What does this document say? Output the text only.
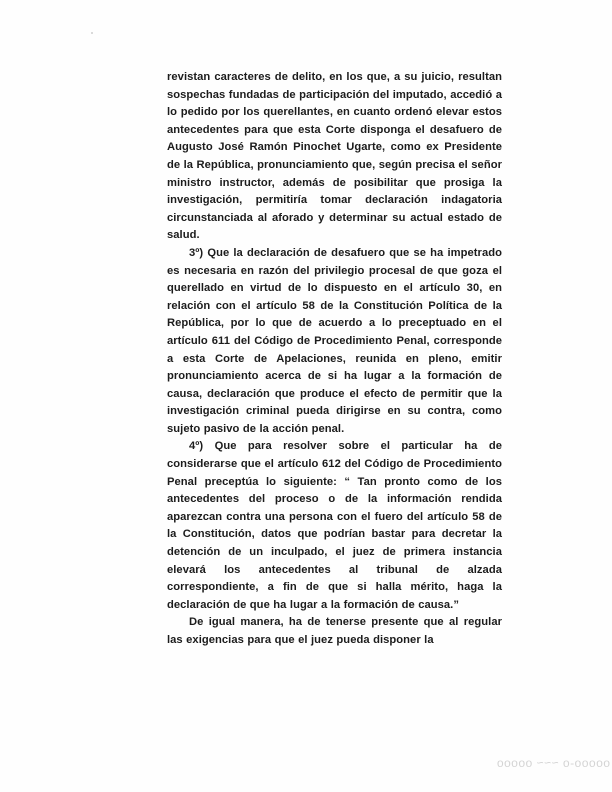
revistan caracteres de delito, en los que, a su juicio, resultan sospechas fundadas de participación del imputado, accedió a lo pedido por los querellantes, en cuanto ordenó elevar estos antecedentes para que esta Corte disponga el desafuero de Augusto José Ramón Pinochet Ugarte, como ex Presidente de la República, pronunciamiento que, según precisa el señor ministro instructor, además de posibilitar que prosiga la investigación, permitiría tomar declaración indagatoria circunstanciada al aforado y determinar su actual estado de salud.

3º) Que la declaración de desafuero que se ha impetrado es necesaria en razón del privilegio procesal de que goza el querellado en virtud de lo dispuesto en el artículo 30, en relación con el artículo 58 de la Constitución Política de la República, por lo que de acuerdo a lo preceptuado en el artículo 611 del Código de Procedimiento Penal, corresponde a esta Corte de Apelaciones, reunida en pleno, emitir pronunciamiento acerca de si ha lugar a la formación de causa, declaración que produce el efecto de permitir que la investigación criminal pueda dirigirse en su contra, como sujeto pasivo de la acción penal.

4º) Que para resolver sobre el particular ha de considerarse que el artículo 612 del Código de Procedimiento Penal preceptúa lo siguiente: “ Tan pronto como de los antecedentes del proceso o de la información rendida aparezcan contra una persona con el fuero del artículo 58 de la Constitución, datos que podrían bastar para decretar la detención de un inculpado, el juez de primera instancia elevará los antecedentes al tribunal de alzada correspondiente, a fin de que si halla mérito, haga la declaración de que ha lugar a la formación de causa.”

De igual manera, ha de tenerse presente que al regular las exigencias para que el juez pueda disponer la

ooooo-o ~~~ ooooo
